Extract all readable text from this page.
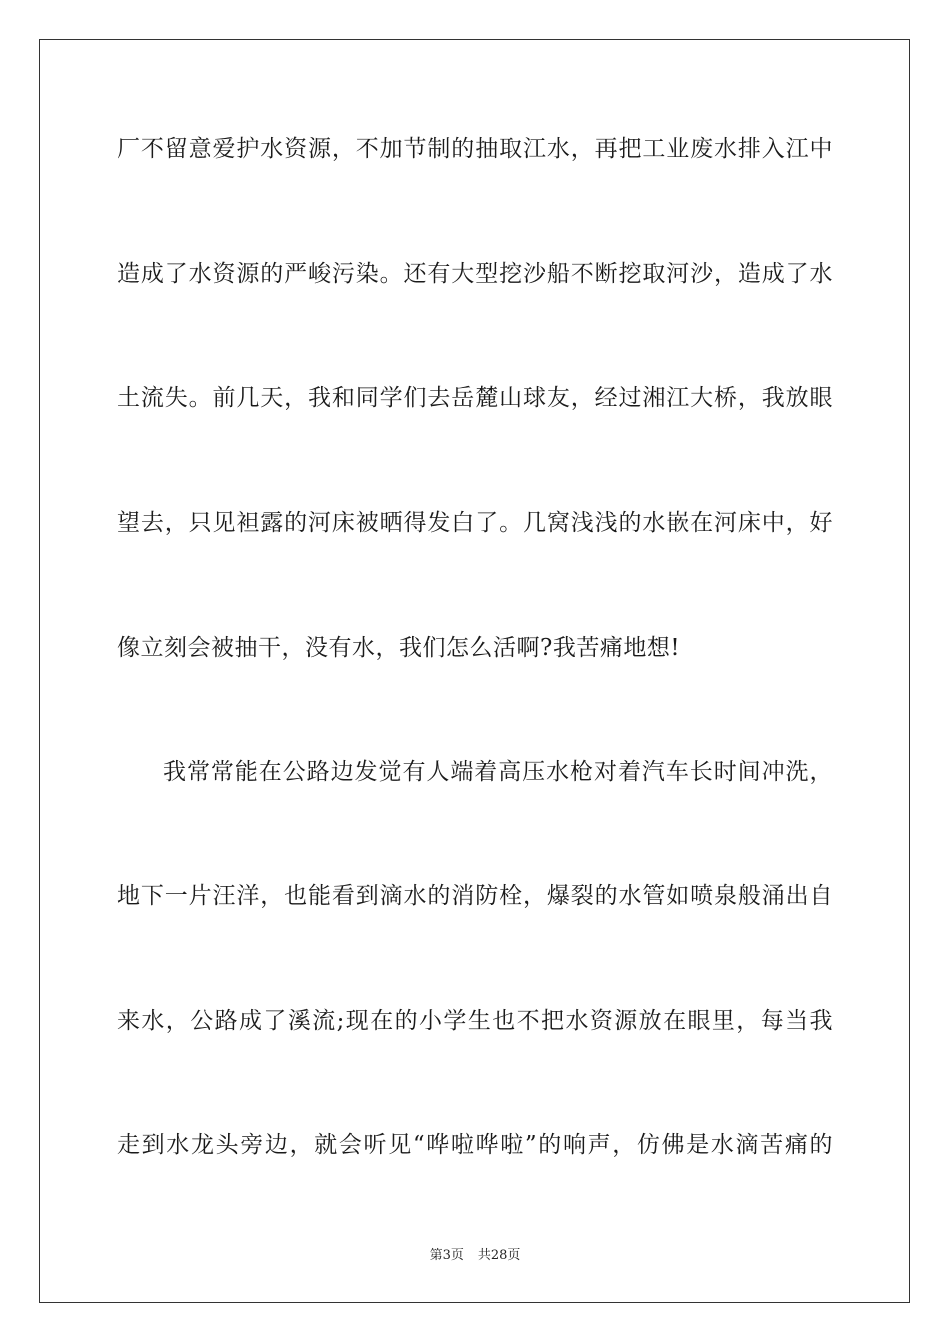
厂不留意爱护水资源，不加节制的抽取江水，再把工业废水排入江中
造成了水资源的严峻污染。还有大型挖沙船不断挖取河沙，造成了水
土流失。前几天，我和同学们去岳麓山球友，经过湘江大桥，我放眼
望去，只见袒露的河床被晒得发白了。几窝浅浅的水嵌在河床中，好
像立刻会被抽干，没有水，我们怎么活啊?我苦痛地想!
我常常能在公路边发觉有人端着高压水枪对着汽车长时间冲洗，
地下一片汪洋，也能看到滴水的消防栓，爆裂的水管如喷泉般涌出自
来水，公路成了溪流;现在的小学生也不把水资源放在眼里，每当我
走到水龙头旁边，就会听见“哗啦哗啦”的响声，仿佛是水滴苦痛的
第3页 共28页
